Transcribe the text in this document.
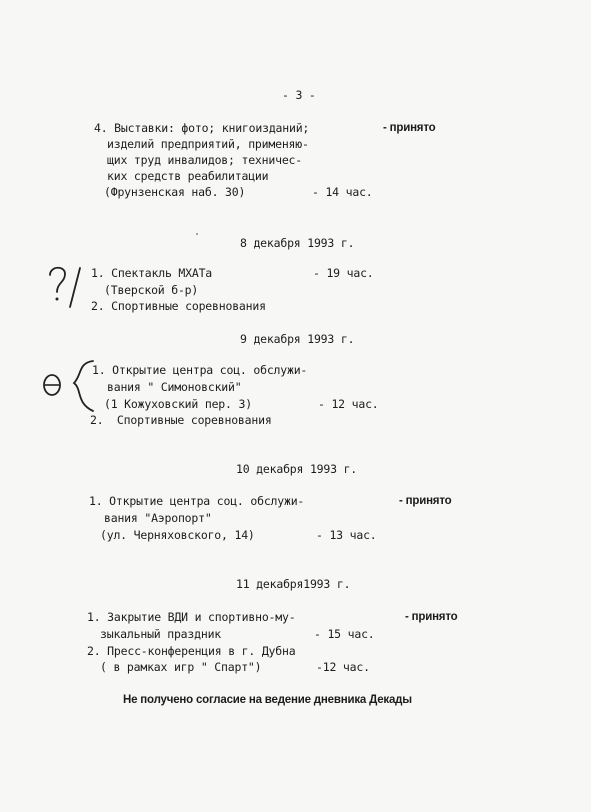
- 3 -
4. Выставки: фото; книгоизданий;	- принято
изделий предприятий, применяю-
щих труд инвалидов; техничес-
ких средств реабилитации
(Фрунзенская наб. 30)	- 14 час.
8 декабря 1993 г.
1. Спектакль МХАТа	- 19 час.
(Тверской б-р)
2. Спортивные соревнования
9 декабря 1993 г.
1. Открытие центра соц. обслужи-
вания " Симоновский"
(1 Кожуховский пер. 3)	- 12 час.
2.  Спортивные соревнования
10 декабря 1993 г.
1. Открытие центра соц. обслужи-	- принято
вания "Аэропорт"
(ул. Черняховского, 14)	- 13 час.
11 декабря1993 г.
1. Закрытие ВДИ и спортивно-му-	- принято
зыкальный праздник	- 15 час.
2. Пресс-конференция в г. Дубна
( в рамках игр " Спарт")	-12 час.
Не получено согласие на ведение дневника Декады
